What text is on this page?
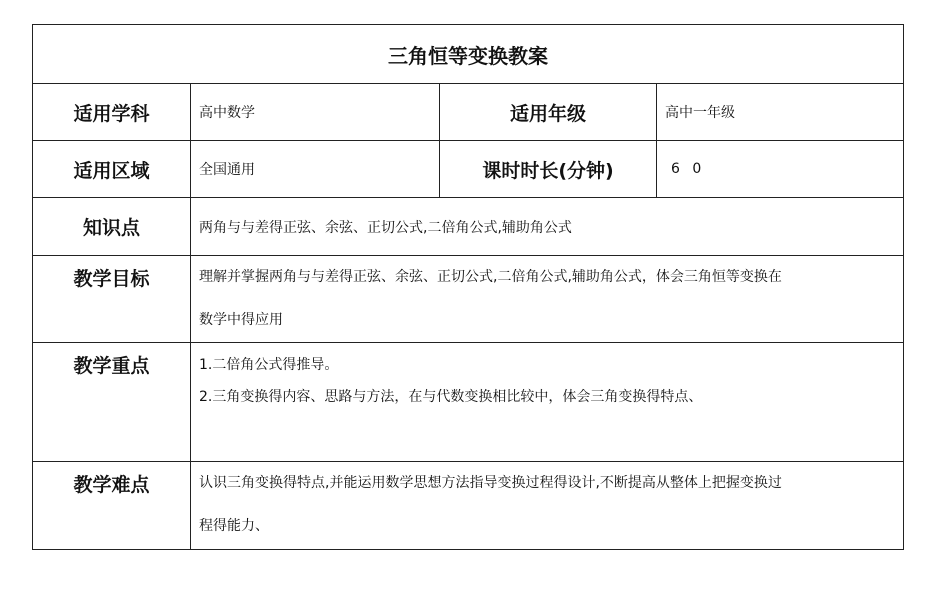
三角恒等变换教案			
适用学科	高中数学	适用年级	高中一年级
适用区域	全国通用	课时时长(分钟)	6 0
知识点	两角与与差得正弦、余弦、正切公式,二倍角公式,辅助角公式		
教学目标	理解并掌握两角与与差得正弦、余弦、正切公式,二倍角公式,辅助角公式，体会三角恒等变换在
数学中得应用		

教学重点	1.二倍角公式得推导。
2.三角变换得内容、思路与方法，在与代数变换相比较中，体会三角变换得特点、		

教学难点	认识三角变换得特点,并能运用数学思想方法指导变换过程得设计,不断提高从整体上把握变换过
程得能力、		
